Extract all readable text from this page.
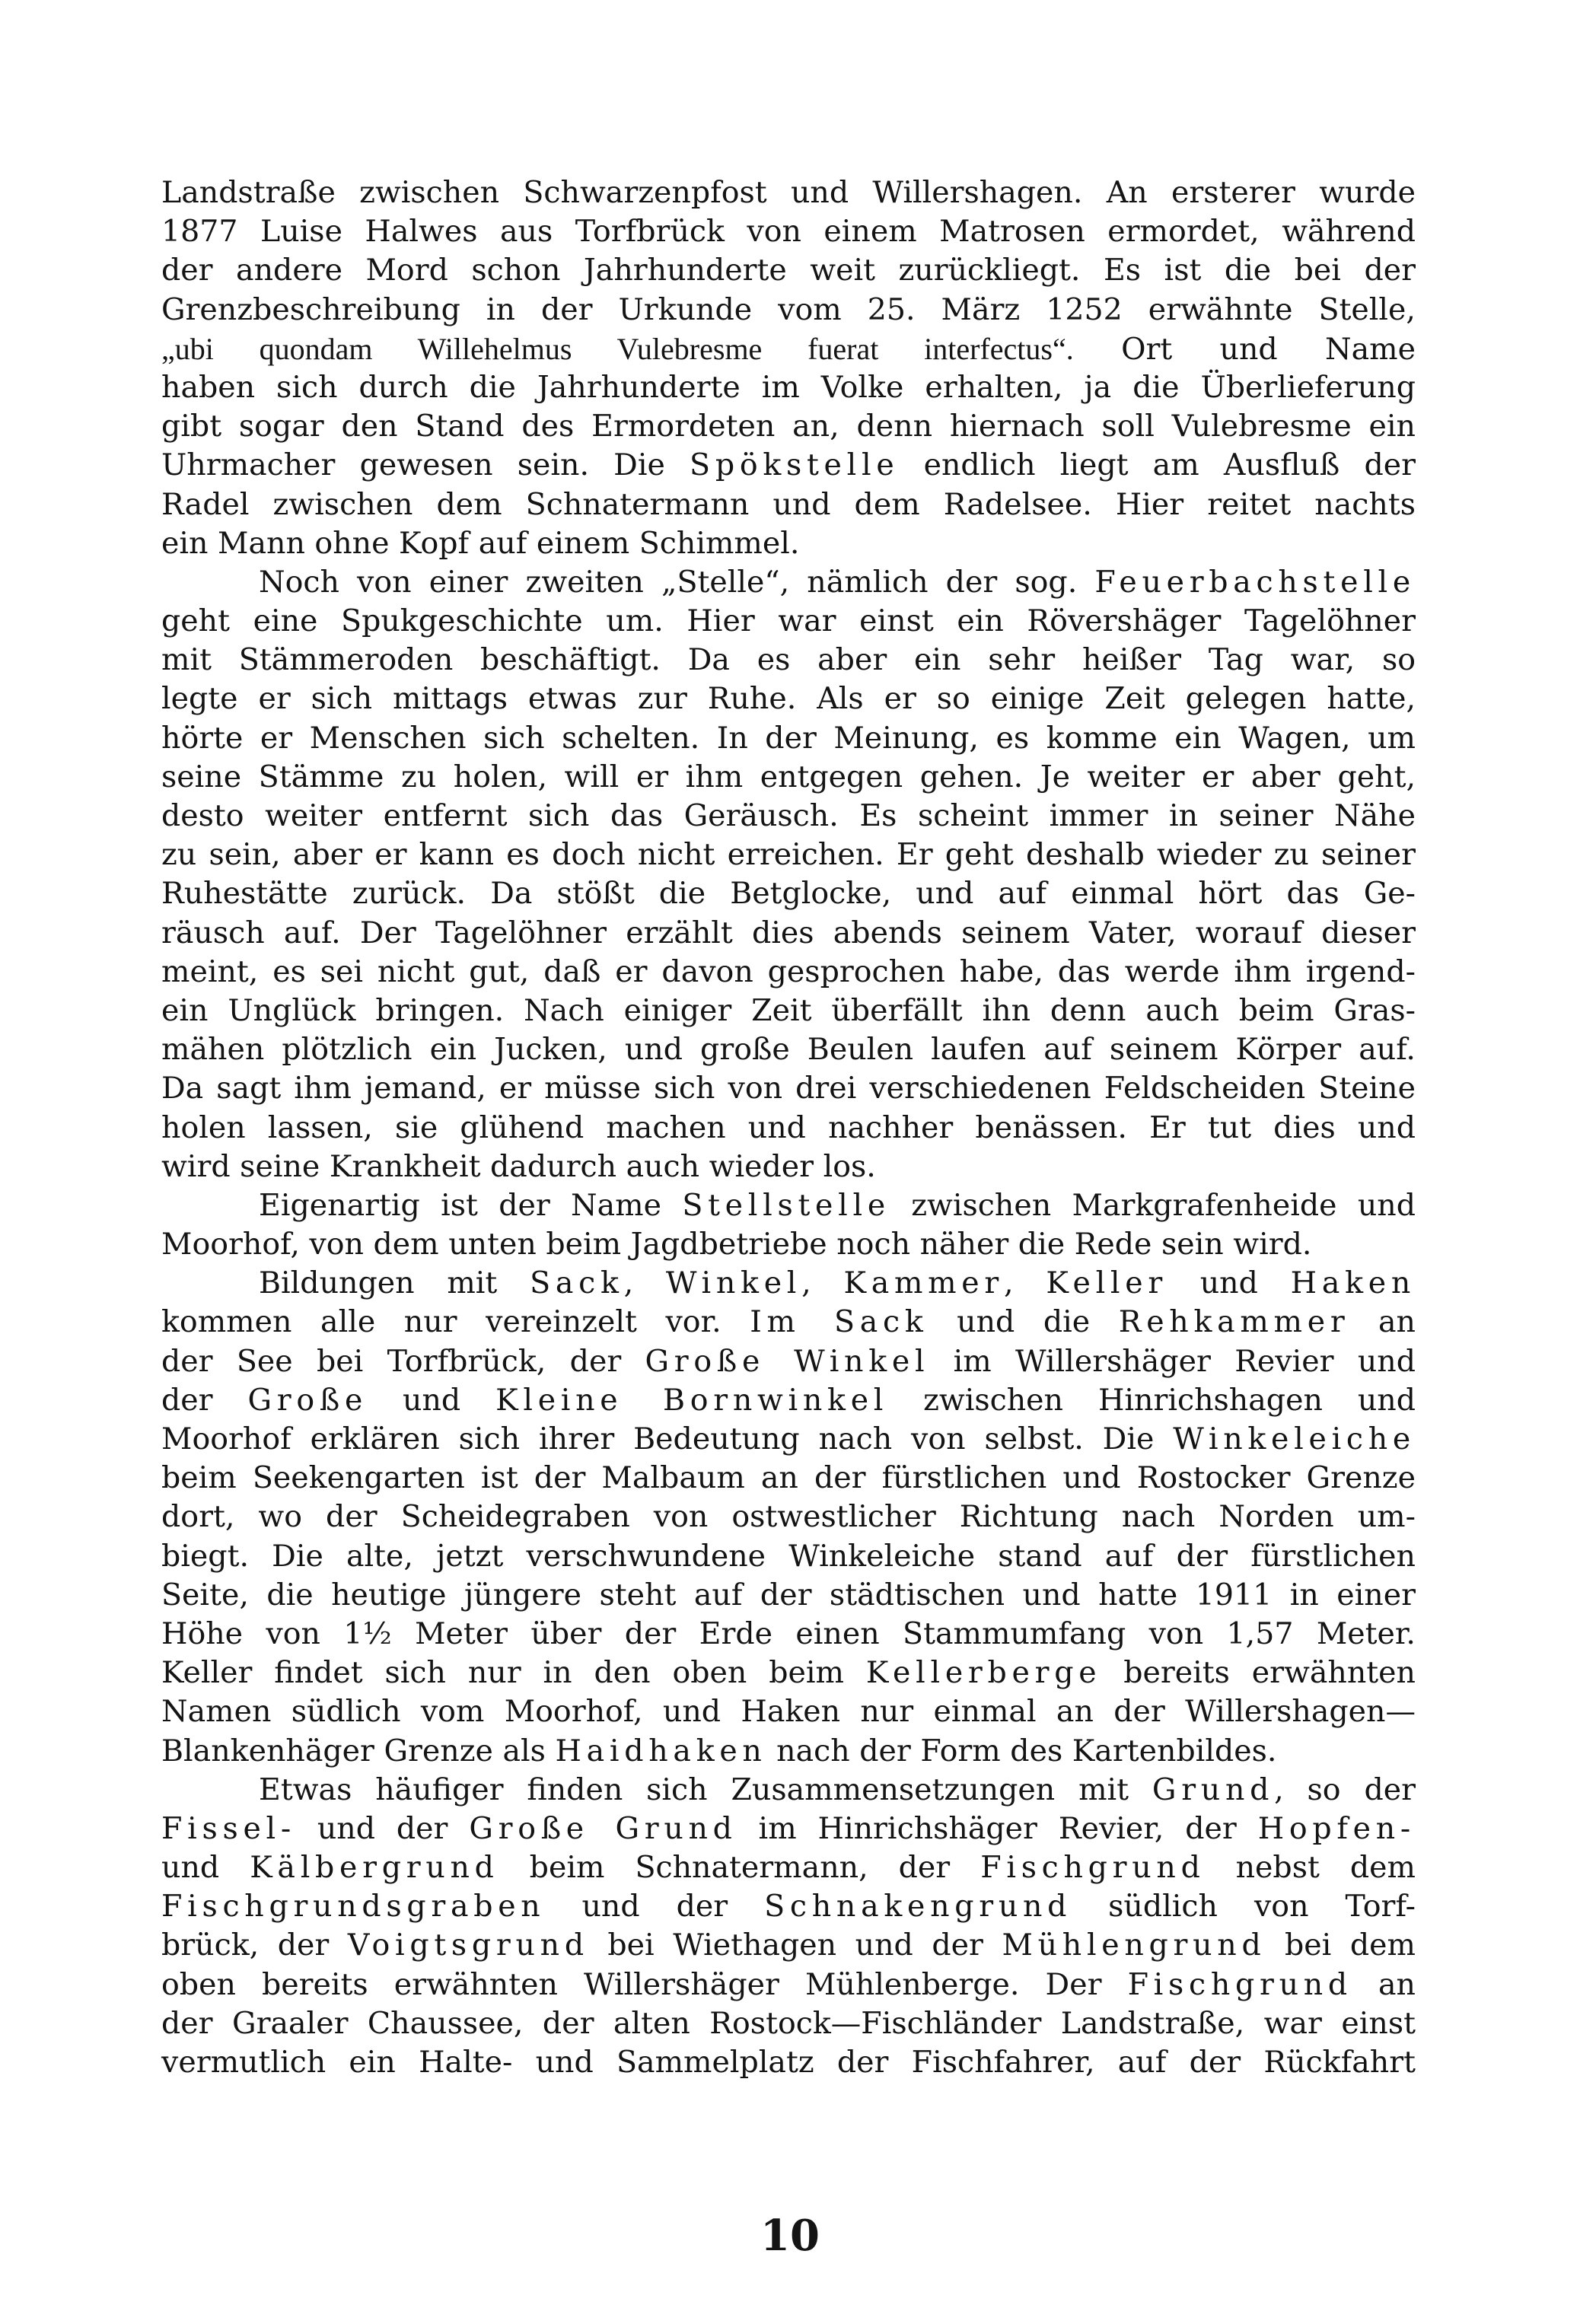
Landstraße zwischen Schwarzenpfost und Willershagen. An ersterer wurde
1877 Luise Halwes aus Torfbrück von einem Matrosen ermordet, während
der andere Mord schon Jahrhunderte weit zurückliegt. Es ist die bei der
Grenzbeschreibung in der Urkunde vom 25. März 1252 erwähnte Stelle,
„ubi quondam Willehelmus Vulebresme fuerat interfectus“. Ort und Name
haben sich durch die Jahrhunderte im Volke erhalten, ja die Überlieferung
gibt sogar den Stand des Ermordeten an, denn hiernach soll Vulebresme ein
Uhrmacher gewesen sein. Die Spökstelle endlich liegt am Ausfluß der
Radel zwischen dem Schnatermann und dem Radelsee. Hier reitet nachts
ein Mann ohne Kopf auf einem Schimmel.
Noch von einer zweiten „Stelle“, nämlich der sog. Feuerbachstelle
geht eine Spukgeschichte um. Hier war einst ein Rövershäger Tagelöhner
mit Stämmeroden beschäftigt. Da es aber ein sehr heißer Tag war, so
legte er sich mittags etwas zur Ruhe. Als er so einige Zeit gelegen hatte,
hörte er Menschen sich schelten. In der Meinung, es komme ein Wagen, um
seine Stämme zu holen, will er ihm entgegen gehen. Je weiter er aber geht,
desto weiter entfernt sich das Geräusch. Es scheint immer in seiner Nähe
zu sein, aber er kann es doch nicht erreichen. Er geht deshalb wieder zu seiner
Ruhestätte zurück. Da stößt die Betglocke, und auf einmal hört das Ge-
räusch auf. Der Tagelöhner erzählt dies abends seinem Vater, worauf dieser
meint, es sei nicht gut, daß er davon gesprochen habe, das werde ihm irgend-
ein Unglück bringen. Nach einiger Zeit überfällt ihn denn auch beim Gras-
mähen plötzlich ein Jucken, und große Beulen laufen auf seinem Körper auf.
Da sagt ihm jemand, er müsse sich von drei verschiedenen Feldscheiden Steine
holen lassen, sie glühend machen und nachher benässen. Er tut dies und
wird seine Krankheit dadurch auch wieder los.
Eigenartig ist der Name Stellstelle zwischen Markgrafenheide und
Moorhof, von dem unten beim Jagdbetriebe noch näher die Rede sein wird.
Bildungen mit Sack, Winkel, Kammer, Keller und Haken
kommen alle nur vereinzelt vor. Im Sack und die Rehkammer an
der See bei Torfbrück, der Große Winkel im Willershäger Revier und
der Große und Kleine Bornwinkel zwischen Hinrichshagen und
Moorhof erklären sich ihrer Bedeutung nach von selbst. Die Winkeleiche
beim Seekengarten ist der Malbaum an der fürstlichen und Rostocker Grenze
dort, wo der Scheidegraben von ostwestlicher Richtung nach Norden um-
biegt. Die alte, jetzt verschwundene Winkeleiche stand auf der fürstlichen
Seite, die heutige jüngere steht auf der städtischen und hatte 1911 in einer
Höhe von 1½ Meter über der Erde einen Stammumfang von 1,57 Meter.
Keller findet sich nur in den oben beim Kellerberge bereits erwähnten
Namen südlich vom Moorhof, und Haken nur einmal an der Willershagen—
Blankenhäger Grenze als Haidhaken nach der Form des Kartenbildes.
Etwas häufiger finden sich Zusammensetzungen mit Grund, so der
Fissel- und der Große Grund im Hinrichshäger Revier, der Hopfen-
und Kälbergrund beim Schnatermann, der Fischgrund nebst dem
Fischgrundsgraben und der Schnakengrund südlich von Torf-
brück, der Voigtsgrund bei Wiethagen und der Mühlengrund bei dem
oben bereits erwähnten Willershäger Mühlenberge. Der Fischgrund an
der Graaler Chaussee, der alten Rostock—Fischländer Landstraße, war einst
vermutlich ein Halte- und Sammelplatz der Fischfahrer, auf der Rückfahrt
10
